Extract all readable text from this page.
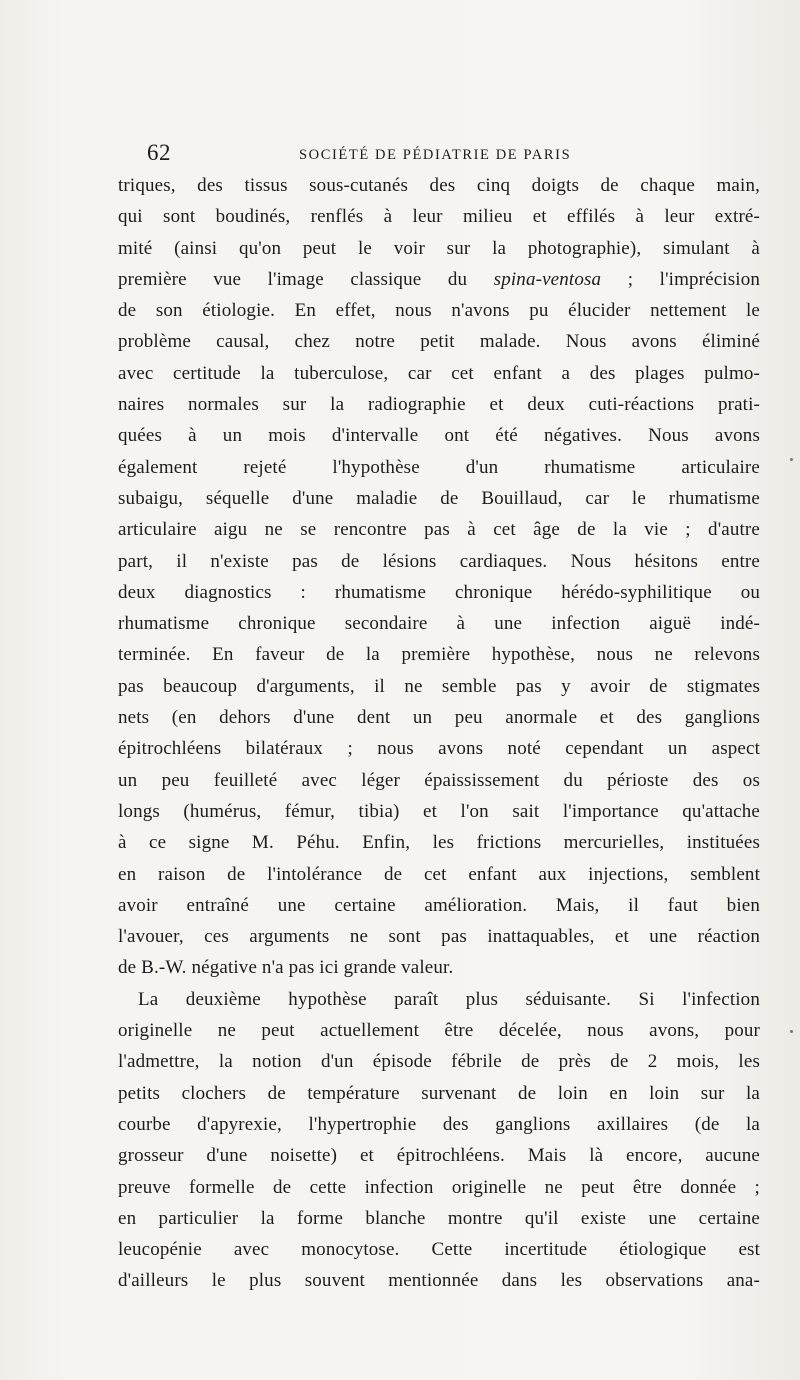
62	SOCIÉTÉ DE PÉDIATRIE DE PARIS
triques, des tissus sous-cutanés des cinq doigts de chaque main,
qui sont boudinés, renflés à leur milieu et effilés à leur extré-
mité (ainsi qu'on peut le voir sur la photographie), simulant à
première vue l'image classique du spina-ventosa ; l'imprécision
de son étiologie. En effet, nous n'avons pu élucider nettement le
problème causal, chez notre petit malade. Nous avons éliminé
avec certitude la tuberculose, car cet enfant a des plages pulmo-
naires normales sur la radiographie et deux cuti-réactions prati-
quées à un mois d'intervalle ont été négatives. Nous avons
également rejeté l'hypothèse d'un rhumatisme articulaire
subaigu, séquelle d'une maladie de Bouillaud, car le rhumatisme
articulaire aigu ne se rencontre pas à cet âge de la vie ; d'autre
part, il n'existe pas de lésions cardiaques. Nous hésitons entre
deux diagnostics : rhumatisme chronique hérédo-syphilitique ou
rhumatisme chronique secondaire à une infection aiguë indé-
terminée. En faveur de la première hypothèse, nous ne relevons
pas beaucoup d'arguments, il ne semble pas y avoir de stigmates
nets (en dehors d'une dent un peu anormale et des ganglions
épitrochléens bilatéraux ; nous avons noté cependant un aspect
un peu feuilleté avec léger épaississement du périoste des os
longs (humérus, fémur, tibia) et l'on sait l'importance qu'attache
à ce signe M. Péhu. Enfin, les frictions mercurielles, instituées
en raison de l'intolérance de cet enfant aux injections, semblent
avoir entraîné une certaine amélioration. Mais, il faut bien
l'avouer, ces arguments ne sont pas inattaquables, et une réaction
de B.-W. négative n'a pas ici grande valeur.
La deuxième hypothèse paraît plus séduisante. Si l'infection
originelle ne peut actuellement être décelée, nous avons, pour
l'admettre, la notion d'un épisode fébrile de près de 2 mois, les
petits clochers de température survenant de loin en loin sur la
courbe d'apyrexie, l'hypertrophie des ganglions axillaires (de la
grosseur d'une noisette) et épitrochléens. Mais là encore, aucune
preuve formelle de cette infection originelle ne peut être donnée ;
en particulier la forme blanche montre qu'il existe une certaine
leucopénie avec monocytose. Cette incertitude étiologique est
d'ailleurs le plus souvent mentionnée dans les observations ana-
